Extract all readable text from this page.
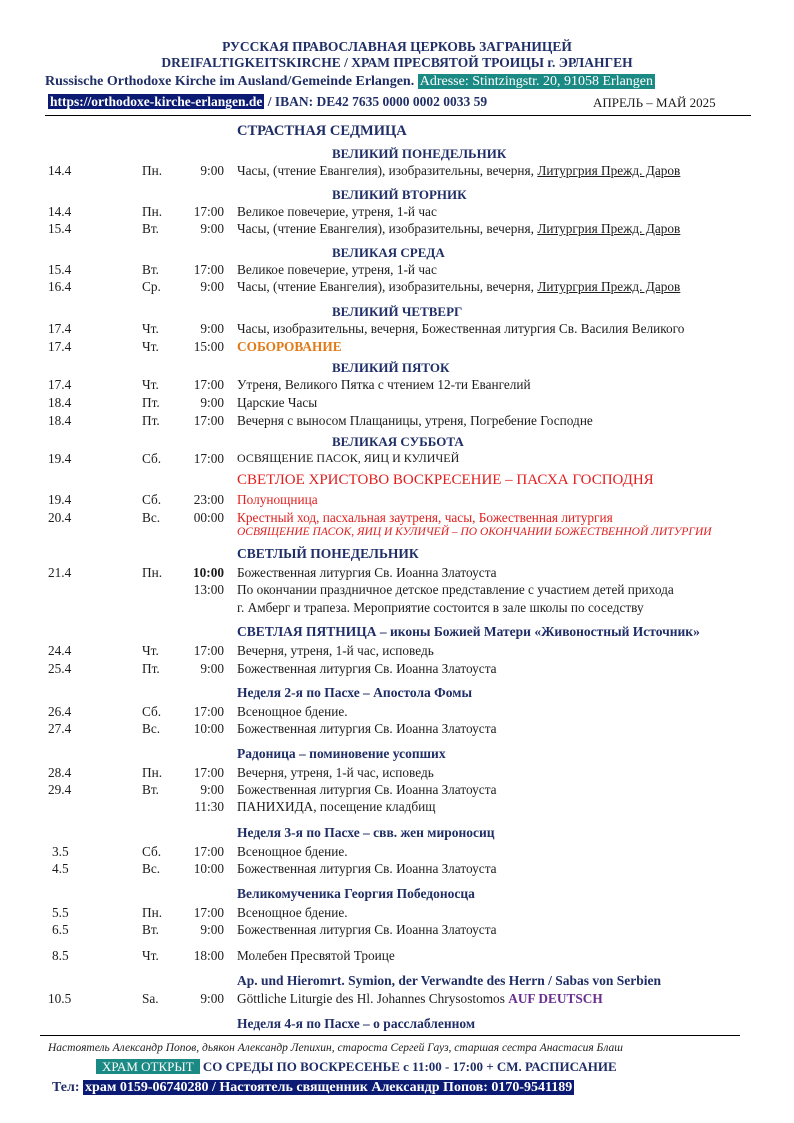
РУССКАЯ ПРАВОСЛАВНАЯ ЦЕРКОВЬ ЗАГРАНИЦЕЙ
DREIFALTIGKEITSKIRCHE / ХРАМ ПРЕСВЯТОЙ ТРОИЦЫ г. ЭРЛАНГЕН
Russische Orthodoxe Kirche im Ausland/Gemeinde Erlangen. Adresse: Stintzingstr. 20, 91058 Erlangen
https://orthodoxe-kirche-erlangen.de / IBAN: DE42 7635 0000 0002 0033 59	АПРЕЛЬ – МАЙ 2025
СТРАСТНАЯ СЕДМИЦА
ВЕЛИКИЙ ПОНЕДЕЛЬНИК
14.4	Пн.	9:00 Часы, (чтение Евангелия), изобразительны, вечерня, Литургрия Прежд. Даров
ВЕЛИКИЙ ВТОРНИК
14.4	Пн.	17:00 Великое повечерие, утреня, 1-й час
15.4	Вт.	9:00 Часы, (чтение Евангелия), изобразительны, вечерня, Литургрия Прежд. Даров
ВЕЛИКАЯ СРЕДА
15.4	Вт.	17:00 Великое повечерие, утреня, 1-й час
16.4	Ср.	9:00 Часы, (чтение Евангелия), изобразительны, вечерня, Литургрия Прежд. Даров
ВЕЛИКИЙ ЧЕТВЕРГ
17.4	Чт.	9:00 Часы, изобразительны, вечерня, Божественная литургия Св. Василия Великого
17.4	Чт.	15:00 СОБОРОВАНИЕ
ВЕЛИКИЙ ПЯТОК
17.4	Чт.	17:00 Утреня, Великого Пятка с чтением 12-ти Евангелий
18.4	Пт.	9:00 Царские Часы
18.4	Пт.	17:00 Вечерня с выносом Плащаницы, утреня, Погребение Господне
ВЕЛИКАЯ СУББОТА
19.4	Сб.	17:00 ОСВЯЩЕНИЕ ПАСОК, ЯИЦ И КУЛИЧЕЙ
СВЕТЛОЕ ХРИСТОВО ВОСКРЕСЕНИЕ – ПАСХА ГОСПОДНЯ
19.4	Сб.	23:00 Полунощница
20.4	Вс.	00:00 Крестный ход, пасхальная заутреня, часы, Божественная литургия
ОСВЯЩЕНИЕ ПАСОК, ЯИЦ И КУЛИЧЕЙ – ПО ОКОНЧАНИИ БОЖЕСТВЕННОЙ ЛИТУРГИИ
СВЕТЛЫЙ ПОНЕДЕЛЬНИК
21.4	Пн.	10:00 Божественная литургия Св. Иоанна Златоуста
13:00 По окончании праздничное детское представление с участием детей прихода
г. Амберг и трапеза. Мероприятие состоится в зале школы по соседству
СВЕТЛАЯ ПЯТНИЦА – иконы Божией Матери «Живоностный Источник»
24.4	Чт.	17:00 Вечерня, утреня, 1-й час, исповедь
25.4	Пт.	9:00 Божественная литургия Св. Иоанна Златоуста
Неделя 2-я по Пасхе – Апостола Фомы
26.4	Сб.	17:00 Всенощное бдение.
27.4	Вс.	10:00 Божественная литургия Св. Иоанна Златоуста
Радоница – поминовение усопших
28.4	Пн.	17:00 Вечерня, утреня, 1-й час, исповедь
29.4	Вт.	9:00 Божественная литургия Св. Иоанна Златоуста
11:30 ПАНИХИДА, посещение кладбищ
Неделя 3-я по Пасхе – свв. жен мироносиц
3.5	Сб.	17:00 Всенощное бдение.
4.5	Вс.	10:00 Божественная литургия Св. Иоанна Златоуста
Великомученика Георгия Победоносца
5.5	Пн.	17:00 Всенощное бдение.
6.5	Вт.	9:00 Божественная литургия Св. Иоанна Златоуста
8.5	Чт.	18:00 Молебен Пресвятой Троице
Ap. und Hieromrt. Symion, der Verwandte des Herrn / Sabas von Serbien
10.5	Sa.	9:00 Göttliche Liturgie des Hl. Johannes Chrysostomos AUF DEUTSCH
Неделя 4-я по Пасхе – о расслабленном
Настоятель Александр Попов, дьякон Александр Лепихин, староста Сергей Гауз, старшая сестра Анастасия Блаш
ХРАМ ОТКРЫТ СО СРЕДЫ ПО ВОСКРЕСЕНЬЕ с 11:00 - 17:00 + СМ. РАСПИСАНИЕ
Тел: храм 0159-06740280 / Настоятель священник Александр Попов: 0170-9541189
